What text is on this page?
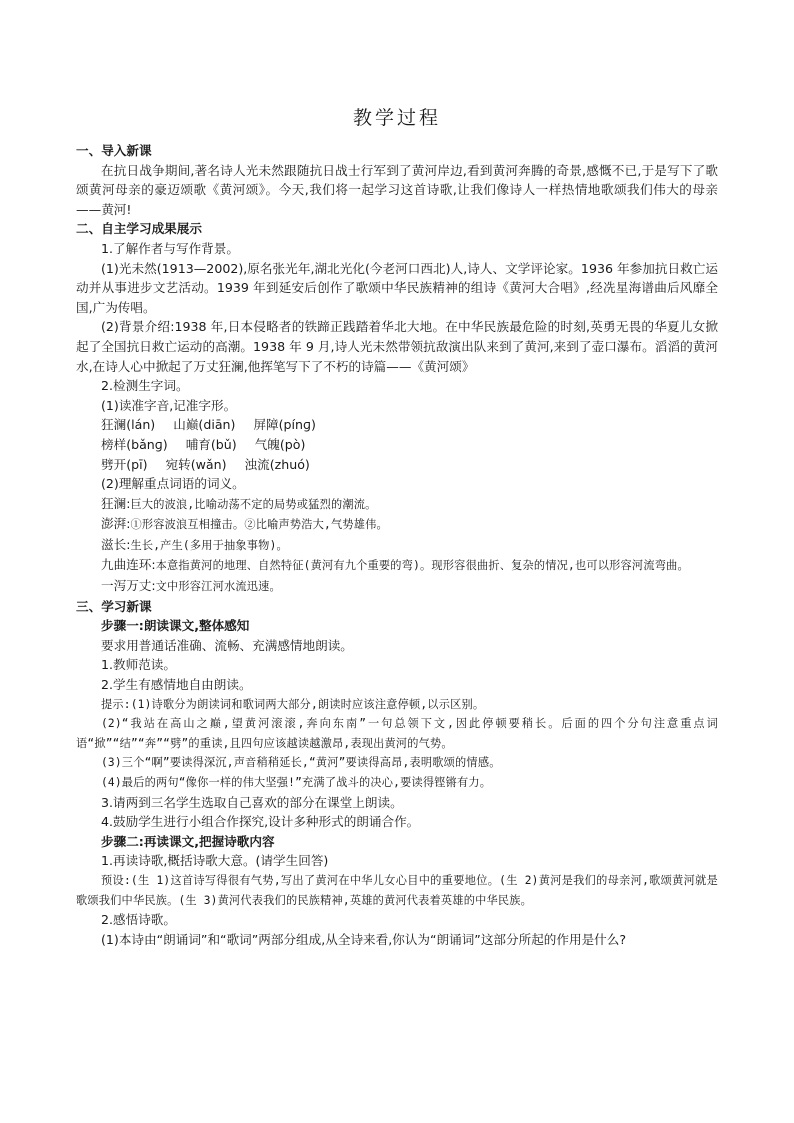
教学过程

一、导入新课

在抗日战争期间,著名诗人光未然跟随抗日战士行军到了黄河岸边,看到黄河奔腾的奇景,感慨不已,于是写下了歌颂黄河母亲的豪迈颂歌《黄河颂》。今天,我们将一起学习这首诗歌,让我们像诗人一样热情地歌颂我们伟大的母亲——黄河!

二、自主学习成果展示

1.了解作者与写作背景。

(1)光未然(1913—2002),原名张光年,湖北光化(今老河口西北)人,诗人、文学评论家。1936 年参加抗日救亡运动并从事进步文艺活动。1939 年到延安后创作了歌颂中华民族精神的组诗《黄河大合唱》,经冼星海谱曲后风靡全国,广为传唱。

(2)背景介绍:1938 年,日本侵略者的铁蹄正践踏着华北大地。在中华民族最危险的时刻,英勇无畏的华夏儿女掀起了全国抗日救亡运动的高潮。1938 年 9 月,诗人光未然带领抗敌演出队来到了黄河,来到了壶口瀑布。滔滔的黄河水,在诗人心中掀起了万丈狂澜,他挥笔写下了不朽的诗篇——《黄河颂》

2.检测生字词。

(1)读准字音,记准字形。

狂澜(lán) 山巅(diān) 屏障(pínɡ)

榜样(bǎnɡ) 哺育(bǔ) 气魄(pò)

劈开(pī) 宛转(wǎn) 浊流(zhuó)

(2)理解重点词语的词义。

狂澜:巨大的波浪,比喻动荡不定的局势或猛烈的潮流。

澎湃:①形容波浪互相撞击。②比喻声势浩大,气势雄伟。

滋长:生长,产生(多用于抽象事物)。

九曲连环:本意指黄河的地理、自然特征(黄河有九个重要的弯)。现形容很曲折、复杂的情况,也可以形容河流弯曲。

一泻万丈:文中形容江河水流迅速。

三、学习新课

步骤一:朗读课文,整体感知

要求用普通话准确、流畅、充满感情地朗读。

1.教师范读。

2.学生有感情地自由朗读。

提示:(1)诗歌分为朗读词和歌词两大部分,朗读时应该注意停顿,以示区别。

(2)“我站在高山之巅,望黄河滚滚,奔向东南”一句总领下文,因此停顿要稍长。后面的四个分句注意重点词语“掀”“结”“奔”“劈”的重读,且四句应该越读越激昂,表现出黄河的气势。

(3)三个“啊”要读得深沉,声音稍稍延长,“黄河”要读得高昂,表明歌颂的情感。

(4)最后的两句“像你一样的伟大坚强!”充满了战斗的决心,要读得铿锵有力。

3.请两到三名学生选取自己喜欢的部分在课堂上朗读。

4.鼓励学生进行小组合作探究,设计多种形式的朗诵合作。

步骤二:再读课文,把握诗歌内容

1.再读诗歌,概括诗歌大意。(请学生回答)

预设:(生 1)这首诗写得很有气势,写出了黄河在中华儿女心目中的重要地位。(生 2)黄河是我们的母亲河,歌颂黄河就是歌颂我们中华民族。(生 3)黄河代表我们的民族精神,英雄的黄河代表着英雄的中华民族。

2.感悟诗歌。

(1)本诗由“朗诵词”和“歌词”两部分组成,从全诗来看,你认为“朗诵词”这部分所起的作用是什么?
